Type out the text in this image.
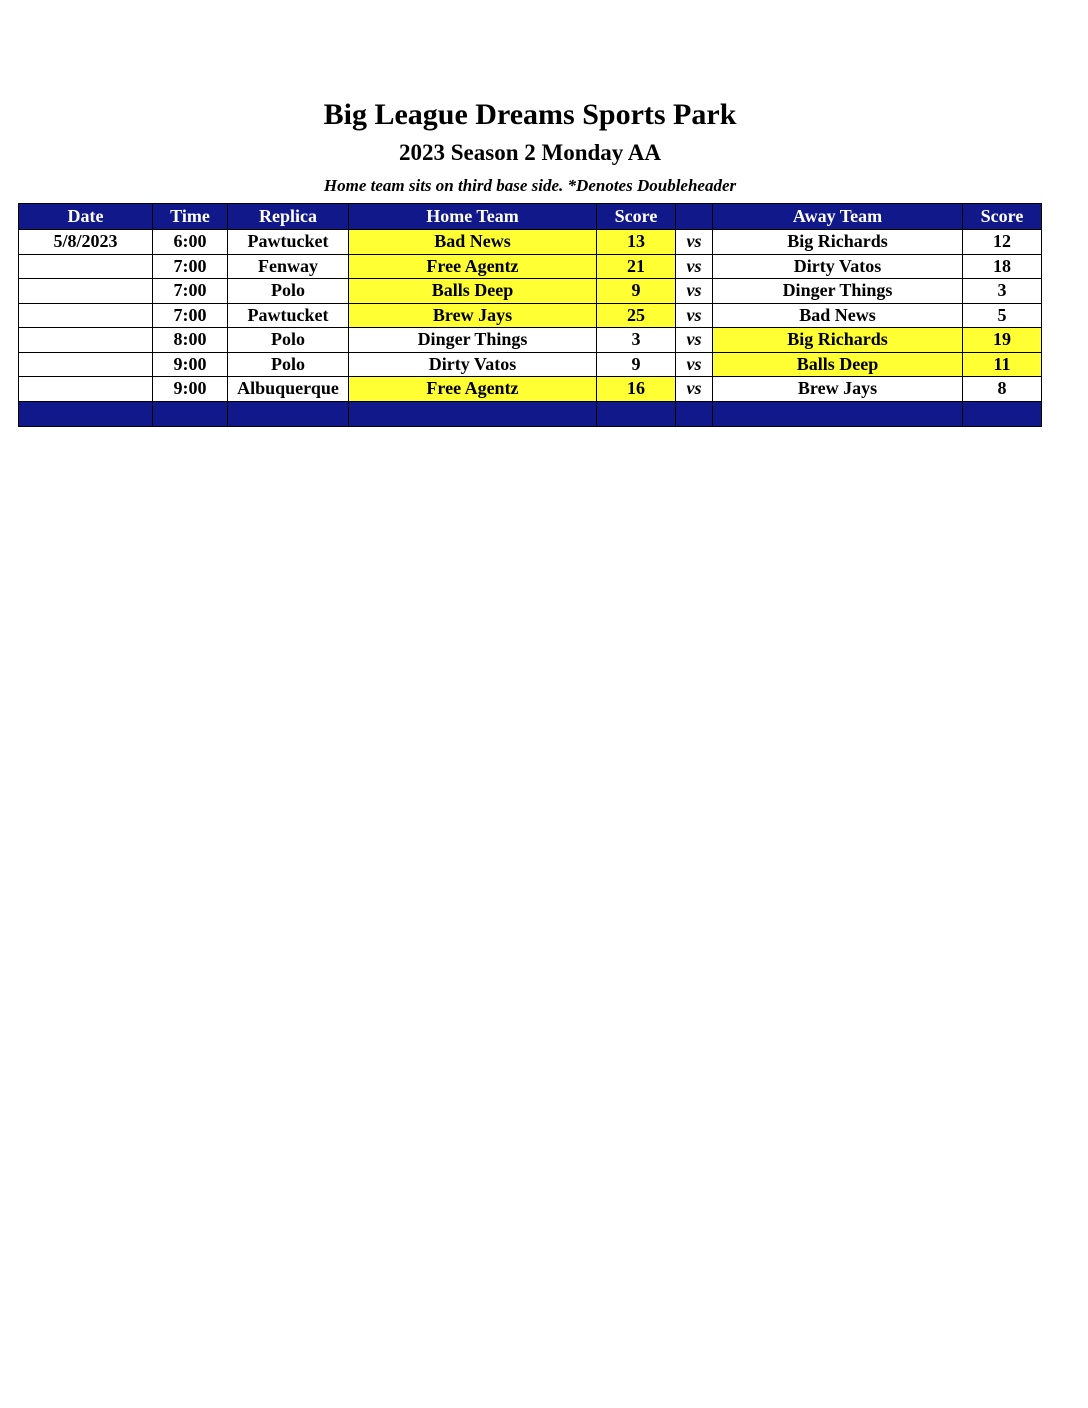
Big League Dreams Sports Park
2023 Season 2 Monday AA
Home team sits on third base side. *Denotes Doubleheader
Date	Time	Replica	Home Team	Score		Away Team	Score
5/8/2023	6:00	Pawtucket	Bad News	13	vs	Big Richards	12
	7:00	Fenway	Free Agentz	21	vs	Dirty Vatos	18
	7:00	Polo	Balls Deep	9	vs	Dinger Things	3
	7:00	Pawtucket	Brew Jays	25	vs	Bad News	5
	8:00	Polo	Dinger Things	3	vs	Big Richards	19
	9:00	Polo	Dirty Vatos	9	vs	Balls Deep	11
	9:00	Albuquerque	Free Agentz	16	vs	Brew Jays	8
